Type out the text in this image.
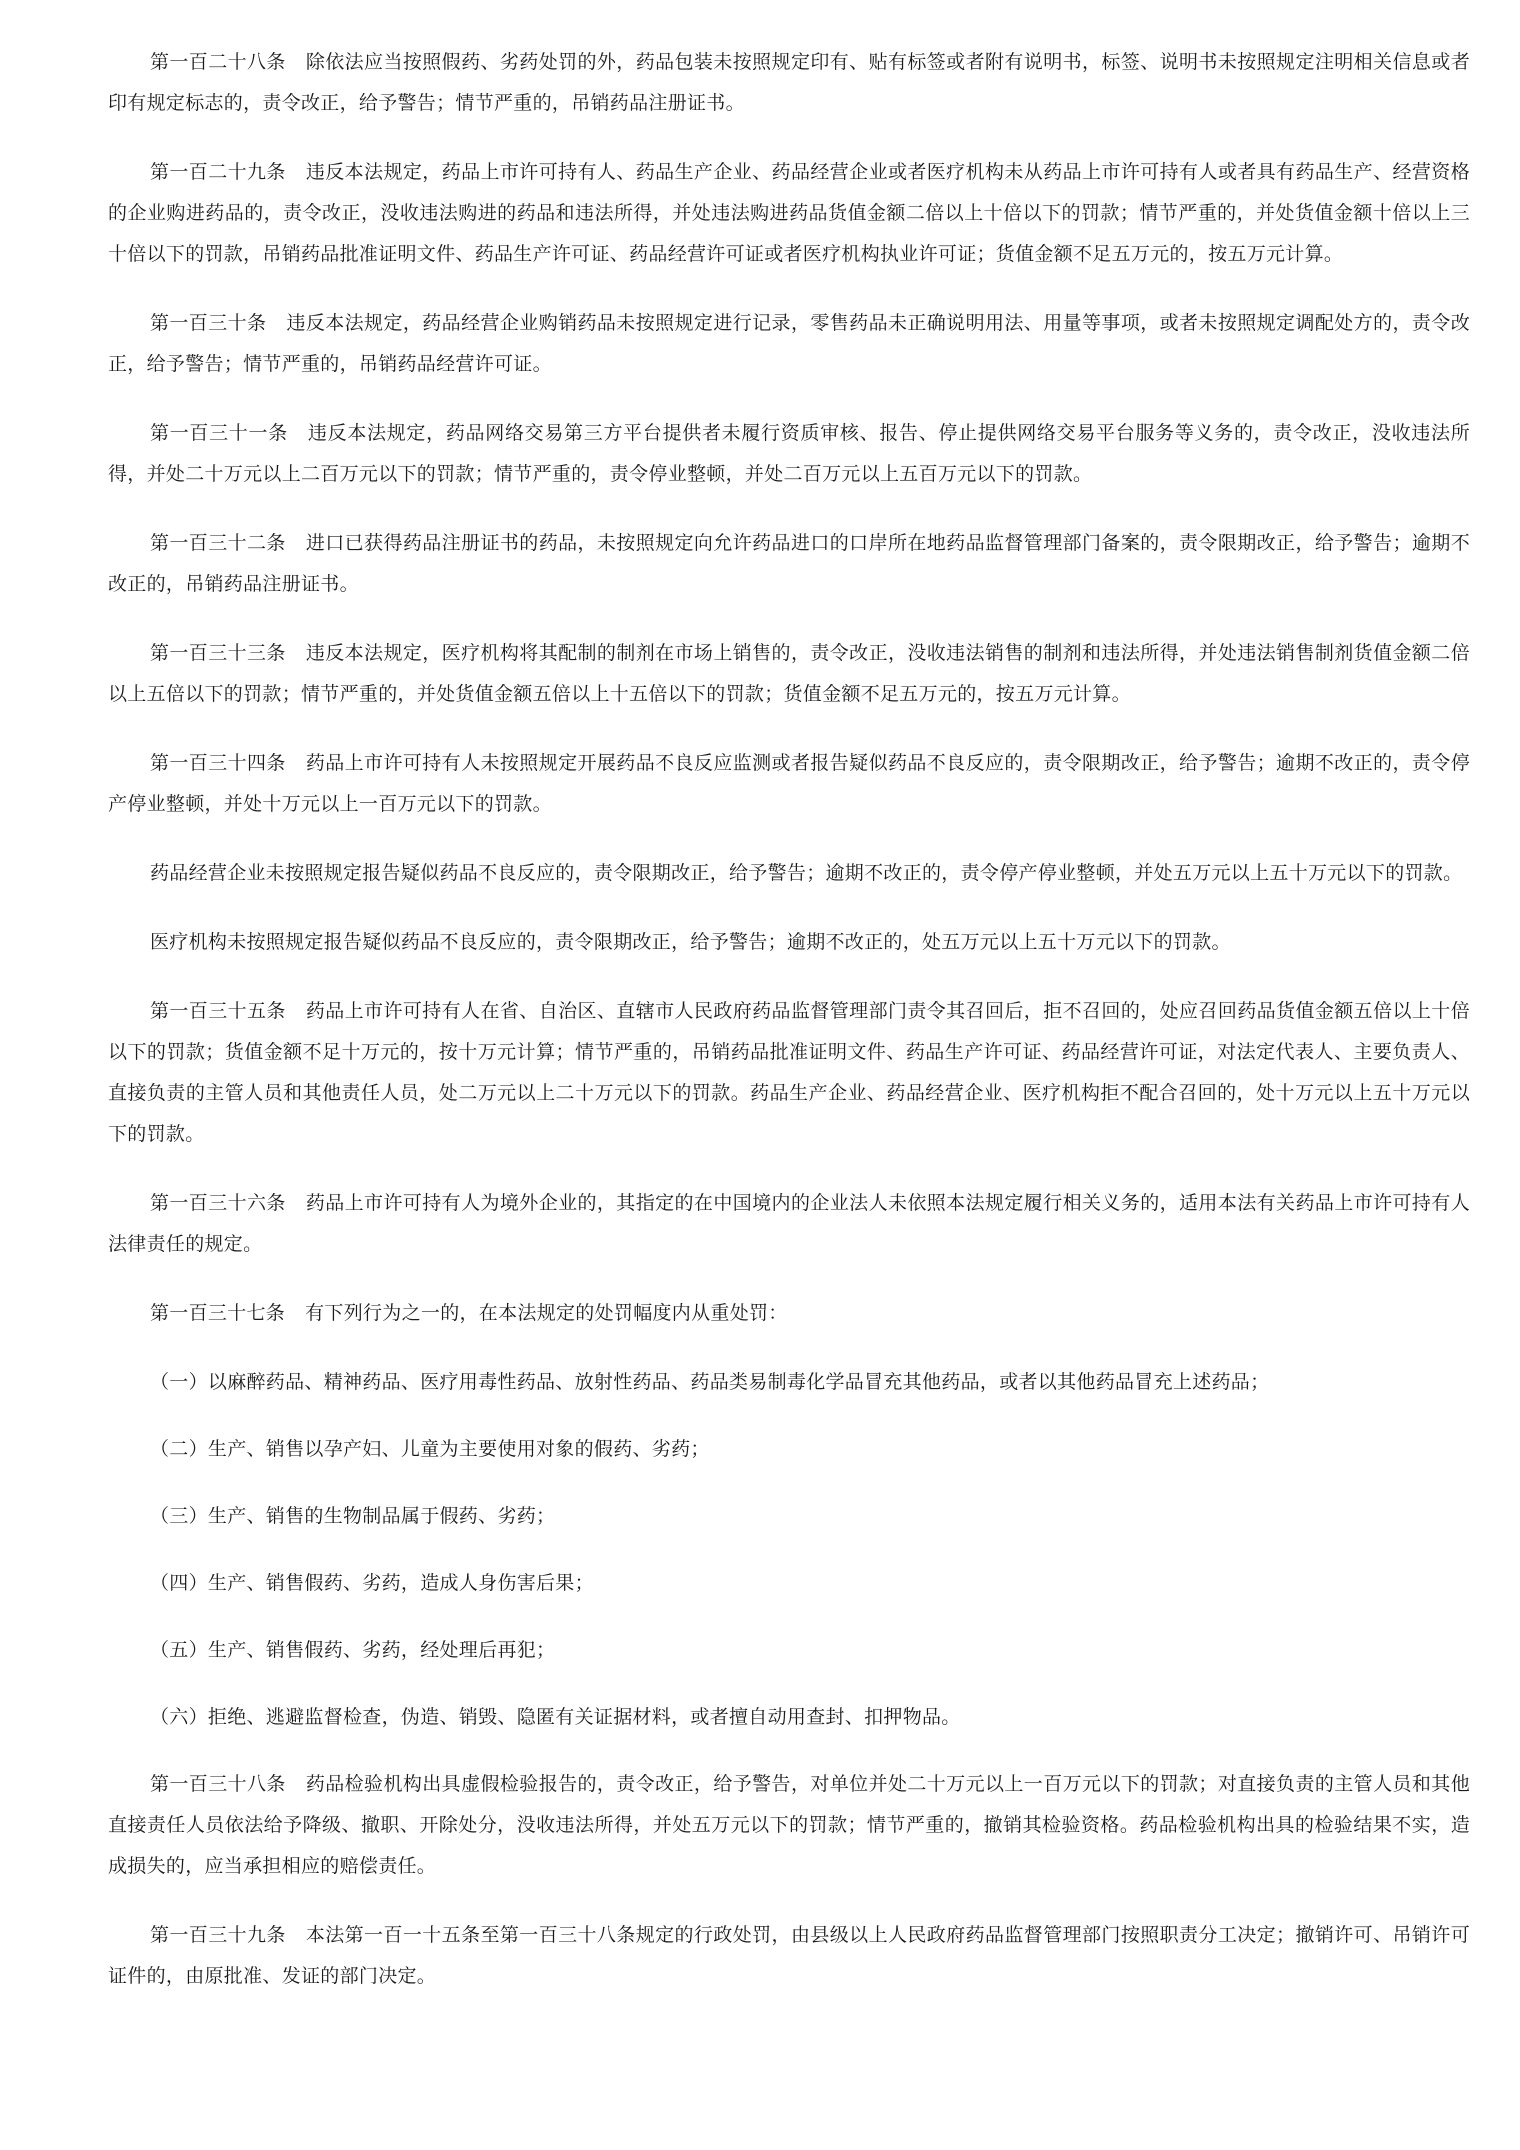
第一百二十八条 除依法应当按照假药、劣药处罚的外，药品包装未按照规定印有、贴有标签或者附有说明书，标签、说明书未按照规定注明相关信息或者印有规定标志的，责令改正，给予警告；情节严重的，吊销药品注册证书。

第一百二十九条 违反本法规定，药品上市许可持有人、药品生产企业、药品经营企业或者医疗机构未从药品上市许可持有人或者具有药品生产、经营资格的企业购进药品的，责令改正，没收违法购进的药品和违法所得，并处违法购进药品货值金额二倍以上十倍以下的罚款；情节严重的，并处货值金额十倍以上三十倍以下的罚款，吊销药品批准证明文件、药品生产许可证、药品经营许可证或者医疗机构执业许可证；货值金额不足五万元的，按五万元计算。

第一百三十条 违反本法规定，药品经营企业购销药品未按照规定进行记录，零售药品未正确说明用法、用量等事项，或者未按照规定调配处方的，责令改正，给予警告；情节严重的，吊销药品经营许可证。

第一百三十一条 违反本法规定，药品网络交易第三方平台提供者未履行资质审核、报告、停止提供网络交易平台服务等义务的，责令改正，没收违法所得，并处二十万元以上二百万元以下的罚款；情节严重的，责令停业整顿，并处二百万元以上五百万元以下的罚款。

第一百三十二条 进口已获得药品注册证书的药品，未按照规定向允许药品进口的口岸所在地药品监督管理部门备案的，责令限期改正，给予警告；逾期不改正的，吊销药品注册证书。

第一百三十三条 违反本法规定，医疗机构将其配制的制剂在市场上销售的，责令改正，没收违法销售的制剂和违法所得，并处违法销售制剂货值金额二倍以上五倍以下的罚款；情节严重的，并处货值金额五倍以上十五倍以下的罚款；货值金额不足五万元的，按五万元计算。

第一百三十四条 药品上市许可持有人未按照规定开展药品不良反应监测或者报告疑似药品不良反应的，责令限期改正，给予警告；逾期不改正的，责令停产停业整顿，并处十万元以上一百万元以下的罚款。

药品经营企业未按照规定报告疑似药品不良反应的，责令限期改正，给予警告；逾期不改正的，责令停产停业整顿，并处五万元以上五十万元以下的罚款。

医疗机构未按照规定报告疑似药品不良反应的，责令限期改正，给予警告；逾期不改正的，处五万元以上五十万元以下的罚款。

第一百三十五条 药品上市许可持有人在省、自治区、直辖市人民政府药品监督管理部门责令其召回后，拒不召回的，处应召回药品货值金额五倍以上十倍以下的罚款；货值金额不足十万元的，按十万元计算；情节严重的，吊销药品批准证明文件、药品生产许可证、药品经营许可证，对法定代表人、主要负责人、直接负责的主管人员和其他责任人员，处二万元以上二十万元以下的罚款。药品生产企业、药品经营企业、医疗机构拒不配合召回的，处十万元以上五十万元以下的罚款。

第一百三十六条 药品上市许可持有人为境外企业的，其指定的在中国境内的企业法人未依照本法规定履行相关义务的，适用本法有关药品上市许可持有人法律责任的规定。

第一百三十七条 有下列行为之一的，在本法规定的处罚幅度内从重处罚：

（一）以麻醉药品、精神药品、医疗用毒性药品、放射性药品、药品类易制毒化学品冒充其他药品，或者以其他药品冒充上述药品；

（二）生产、销售以孕产妇、儿童为主要使用对象的假药、劣药；

（三）生产、销售的生物制品属于假药、劣药；

（四）生产、销售假药、劣药，造成人身伤害后果；

（五）生产、销售假药、劣药，经处理后再犯；

（六）拒绝、逃避监督检查，伪造、销毁、隐匿有关证据材料，或者擅自动用查封、扣押物品。

第一百三十八条 药品检验机构出具虚假检验报告的，责令改正，给予警告，对单位并处二十万元以上一百万元以下的罚款；对直接负责的主管人员和其他直接责任人员依法给予降级、撤职、开除处分，没收违法所得，并处五万元以下的罚款；情节严重的，撤销其检验资格。药品检验机构出具的检验结果不实，造成损失的，应当承担相应的赔偿责任。

第一百三十九条 本法第一百一十五条至第一百三十八条规定的行政处罚，由县级以上人民政府药品监督管理部门按照职责分工决定；撤销许可、吊销许可证件的，由原批准、发证的部门决定。
